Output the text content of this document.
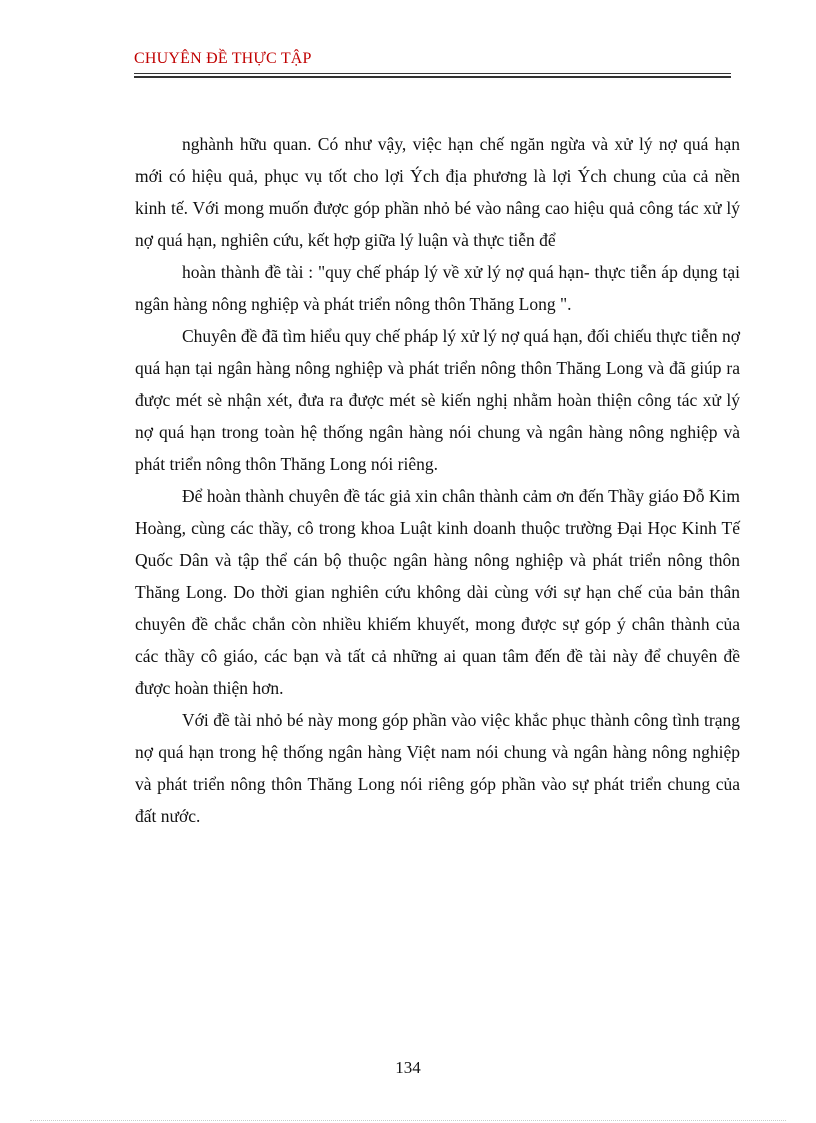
CHUYÊN ĐỀ THỰC TẬP

nghành hữu quan. Có như vậy, việc hạn chế ngăn ngừa và xử lý nợ quá hạn mới có hiệu quả, phục vụ tốt cho lợi Ých địa phương là lợi Ých chung của cả nền kinh tế. Với mong muốn được góp phần nhỏ bé vào nâng cao hiệu quả công tác xử lý nợ quá hạn, nghiên cứu, kết hợp giữa lý luận và thực tiễn để

hoàn thành đề tài : "quy chế pháp lý về xử lý nợ quá hạn- thực tiễn áp dụng tại ngân hàng nông nghiệp và phát triển nông thôn Thăng Long ".

Chuyên đề đã tìm hiểu quy chế pháp lý xử lý nợ quá hạn, đối chiếu thực tiễn nợ quá hạn tại ngân hàng nông nghiệp và phát triển nông thôn Thăng Long và đã giúp ra được mét sè nhận xét, đưa ra được mét sè kiến nghị nhằm hoàn thiện công tác xử lý nợ quá hạn trong toàn hệ thống ngân hàng nói chung và ngân hàng nông nghiệp và phát triển nông thôn Thăng Long nói riêng.

Để hoàn thành chuyên đề tác giả xin chân thành cảm ơn đến Thầy giáo Đỗ Kim Hoàng, cùng các thầy, cô trong khoa Luật kinh doanh thuộc trường Đại Học Kinh Tế Quốc Dân và tập thể cán bộ thuộc ngân hàng nông nghiệp và phát triển nông thôn Thăng Long. Do thời gian nghiên cứu không dài cùng với sự hạn chế của bản thân chuyên đề chắc chắn còn nhiều khiếm khuyết, mong được sự góp ý chân thành của các thầy cô giáo, các bạn và tất cả những ai quan tâm đến đề tài này để chuyên đề được hoàn thiện hơn.

Với đề tài nhỏ bé này mong góp phần vào việc khắc phục thành công tình trạng nợ quá hạn trong hệ thống ngân hàng Việt nam nói chung và ngân hàng nông nghiệp và phát triển nông thôn Thăng Long nói riêng góp phần vào sự phát triển chung của đất nước.

134
